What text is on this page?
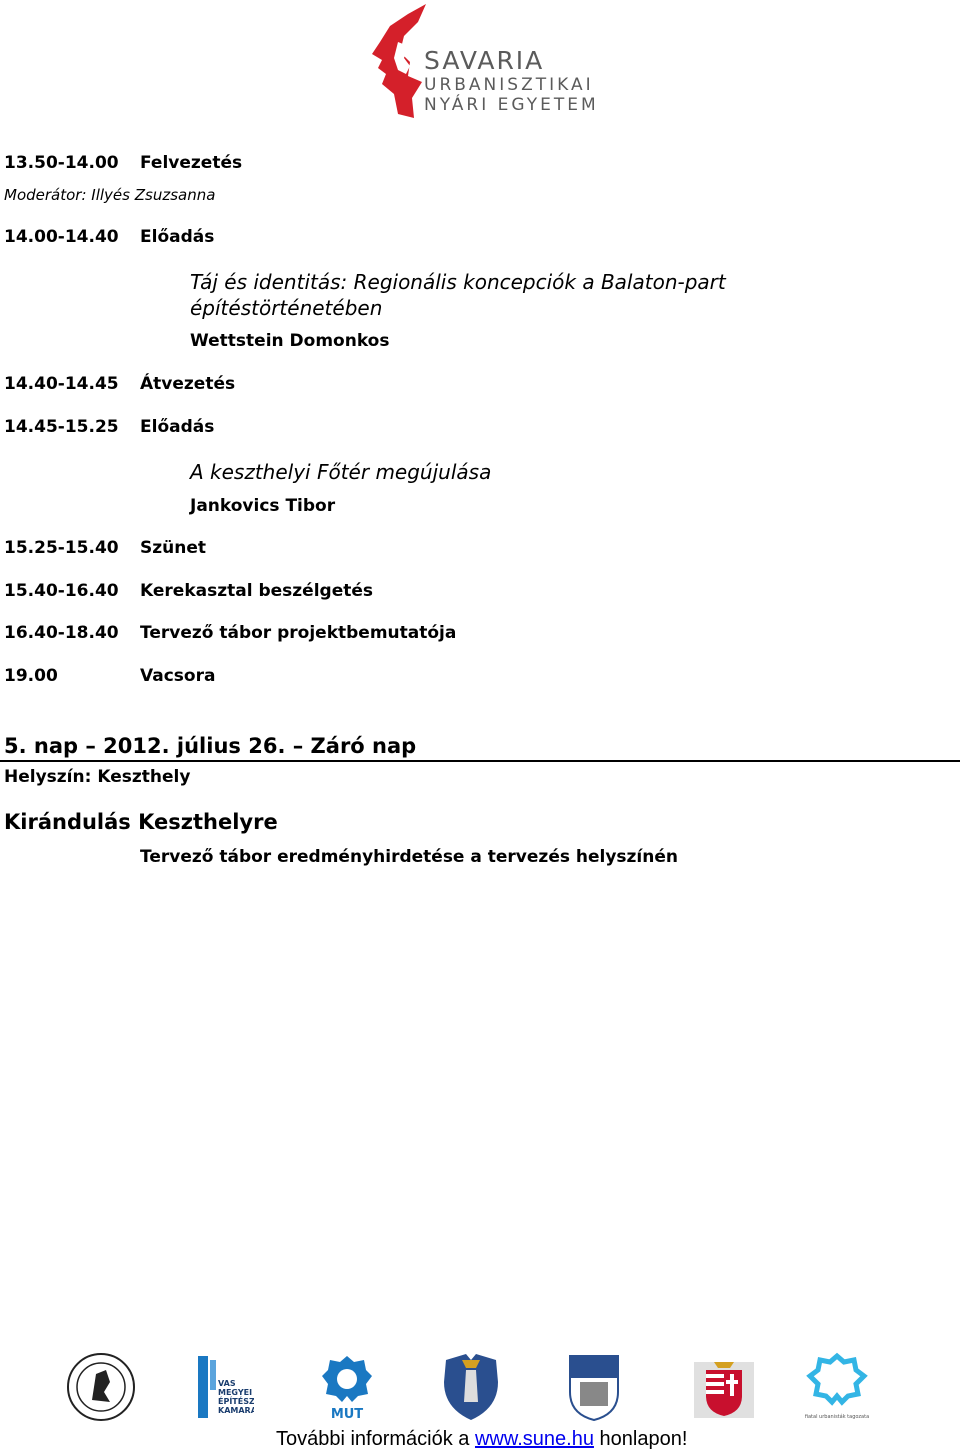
SAVARIA
URBANISZTIKAI
NYÁRI EGYETEM
13.50-14.00 Felvezetés
Moderátor: Illyés Zsuzsanna
14.00-14.40 Előadás
Táj és identitás: Regionális koncepciók a Balaton-part
építéstörténetében
Wettstein Domonkos
14.40-14.45 Átvezetés
14.45-15.25 Előadás
A keszthelyi Főtér megújulása
Jankovics Tibor
15.25-15.40 Szünet
15.40-16.40 Kerekasztal beszélgetés
16.40-18.40 Tervező tábor projektbemutatója
19.00	Vacsora
5. nap – 2012. július 26. – Záró nap
Helyszín: Keszthely
Kirándulás Keszthelyre
Tervező tábor eredményhirdetése a tervezés helyszínén
VAS
MEGYEI
ÉPÍTÉSZ
KAMARA	MUT	fiatal urbanisták tagozata
További információk a www.sune.hu honlapon!
